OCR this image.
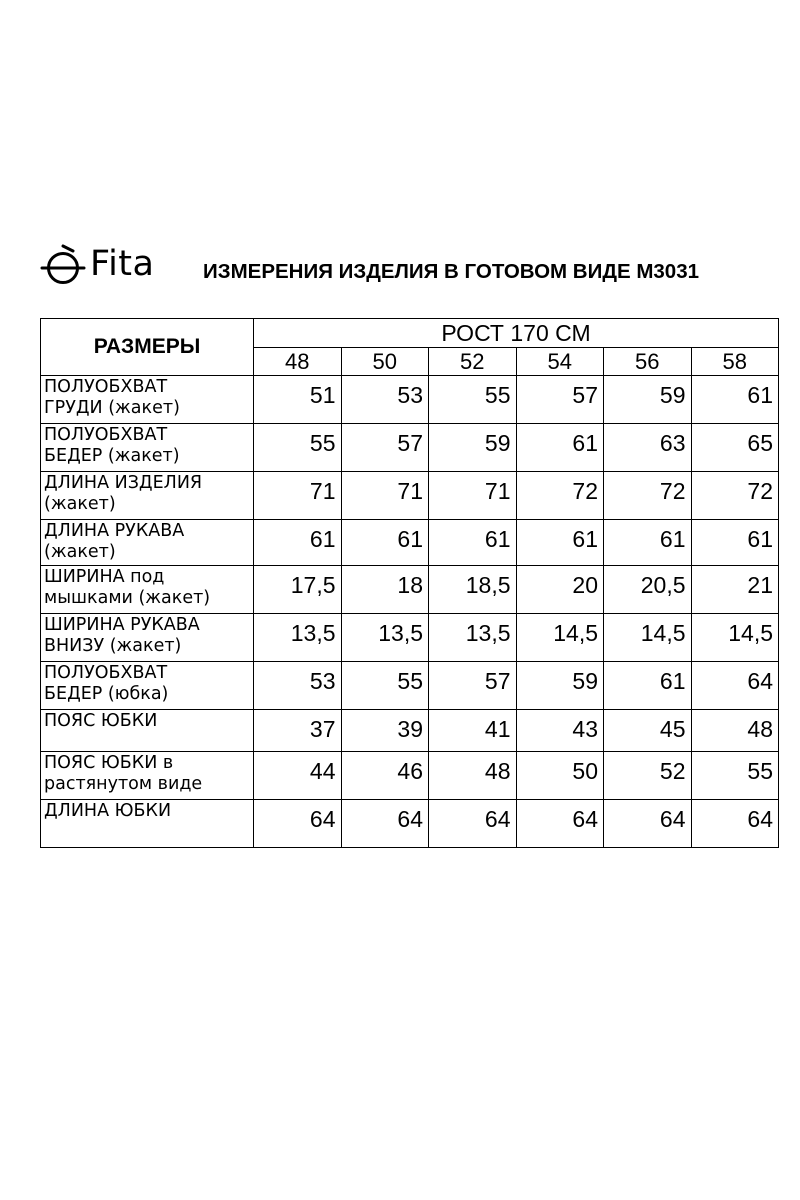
Fita ИЗМЕРЕНИЯ ИЗДЕЛИЯ В ГОТОВОМ ВИДЕ М3031
РАЗМЕРЫ	РОСТ 170 СМ					
	48	50	52	54	56	58
ПОЛУОБХВАТ
ГРУДИ (жакет)	51	53	55	57	59	61
ПОЛУОБХВАТ
БЕДЕР (жакет)	55	57	59	61	63	65
ДЛИНА ИЗДЕЛИЯ
(жакет)	71	71	71	72	72	72
ДЛИНА РУКАВА
(жакет)	61	61	61	61	61	61
ШИРИНА под
мышками (жакет)	17,5	18	18,5	20	20,5	21
ШИРИНА РУКАВА
ВНИЗУ (жакет)	13,5	13,5	13,5	14,5	14,5	14,5
ПОЛУОБХВАТ
БЕДЕР (юбка)	53	55	57	59	61	64
ПОЯС ЮБКИ	37	39	41	43	45	48
ПОЯС ЮБКИ в
растянутом виде	44	46	48	50	52	55
ДЛИНА ЮБКИ	64	64	64	64	64	64
